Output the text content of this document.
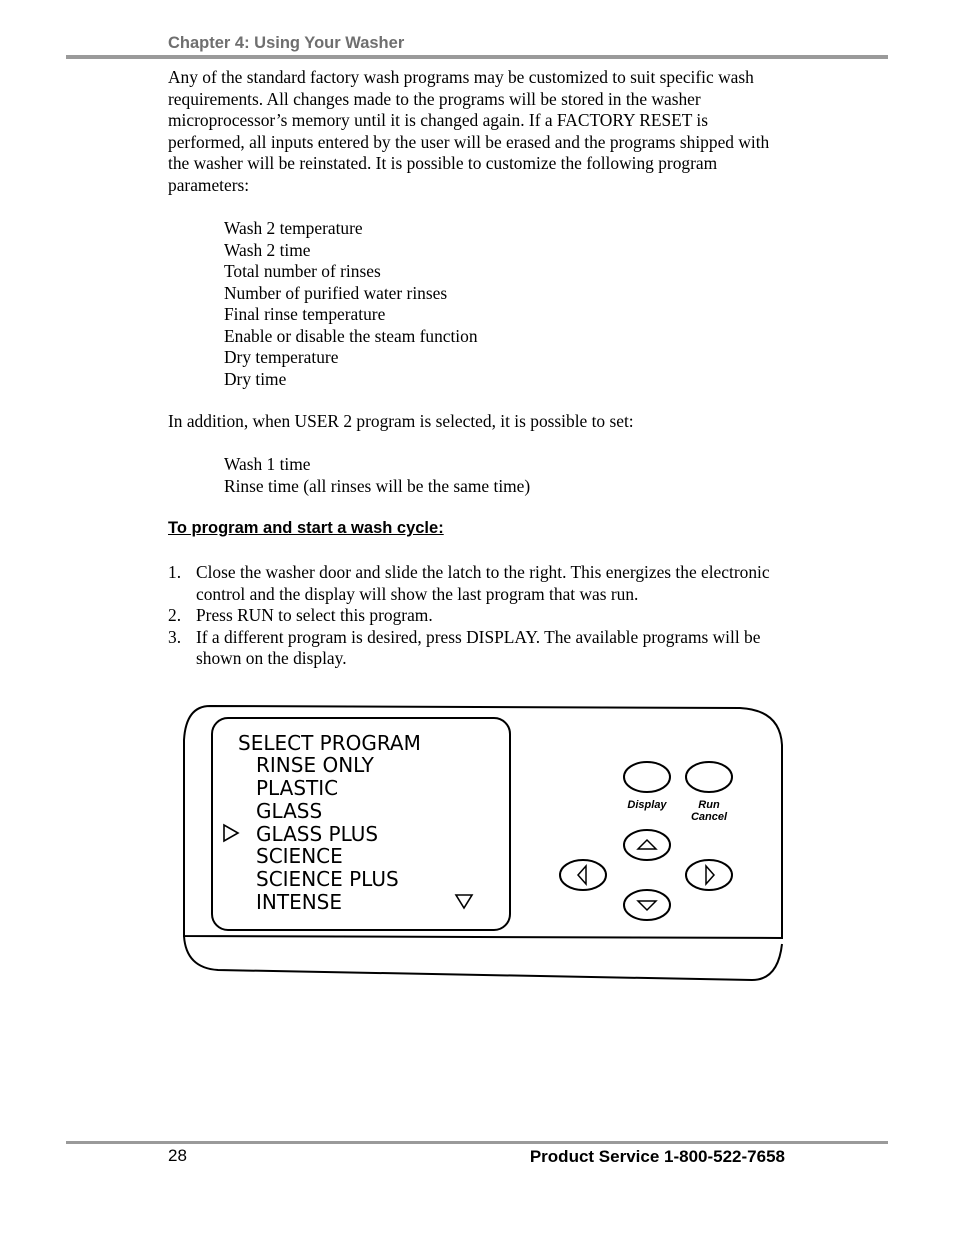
Chapter 4: Using Your Washer
Any of the standard factory wash programs may be customized to suit specific wash requirements. All changes made to the programs will be stored in the washer microprocessor’s memory until it is changed again. If a FACTORY RESET is performed, all inputs entered by the user will be erased and the programs shipped with the washer will be reinstated. It is possible to customize the following program parameters:
Wash 2 temperature
Wash 2 time
Total number of rinses
Number of purified water rinses
Final rinse temperature
Enable or disable the steam function
Dry temperature
Dry time
In addition, when USER 2 program is selected, it is possible to set:
Wash 1 time
Rinse time (all rinses will be the same time)
To program and start a wash cycle:
1. Close the washer door and slide the latch to the right. This energizes the electronic control and the display will show the last program that was run.
2. Press RUN to select this program.
3. If a different program is desired, press DISPLAY. The available programs will be shown on the display.
SELECT PROGRAM
RINSE ONLY
PLASTIC
GLASS
GLASS PLUS
SCIENCE
SCIENCE PLUS
INTENSE
Display	Run
Cancel
28	Product Service 1-800-522-7658
